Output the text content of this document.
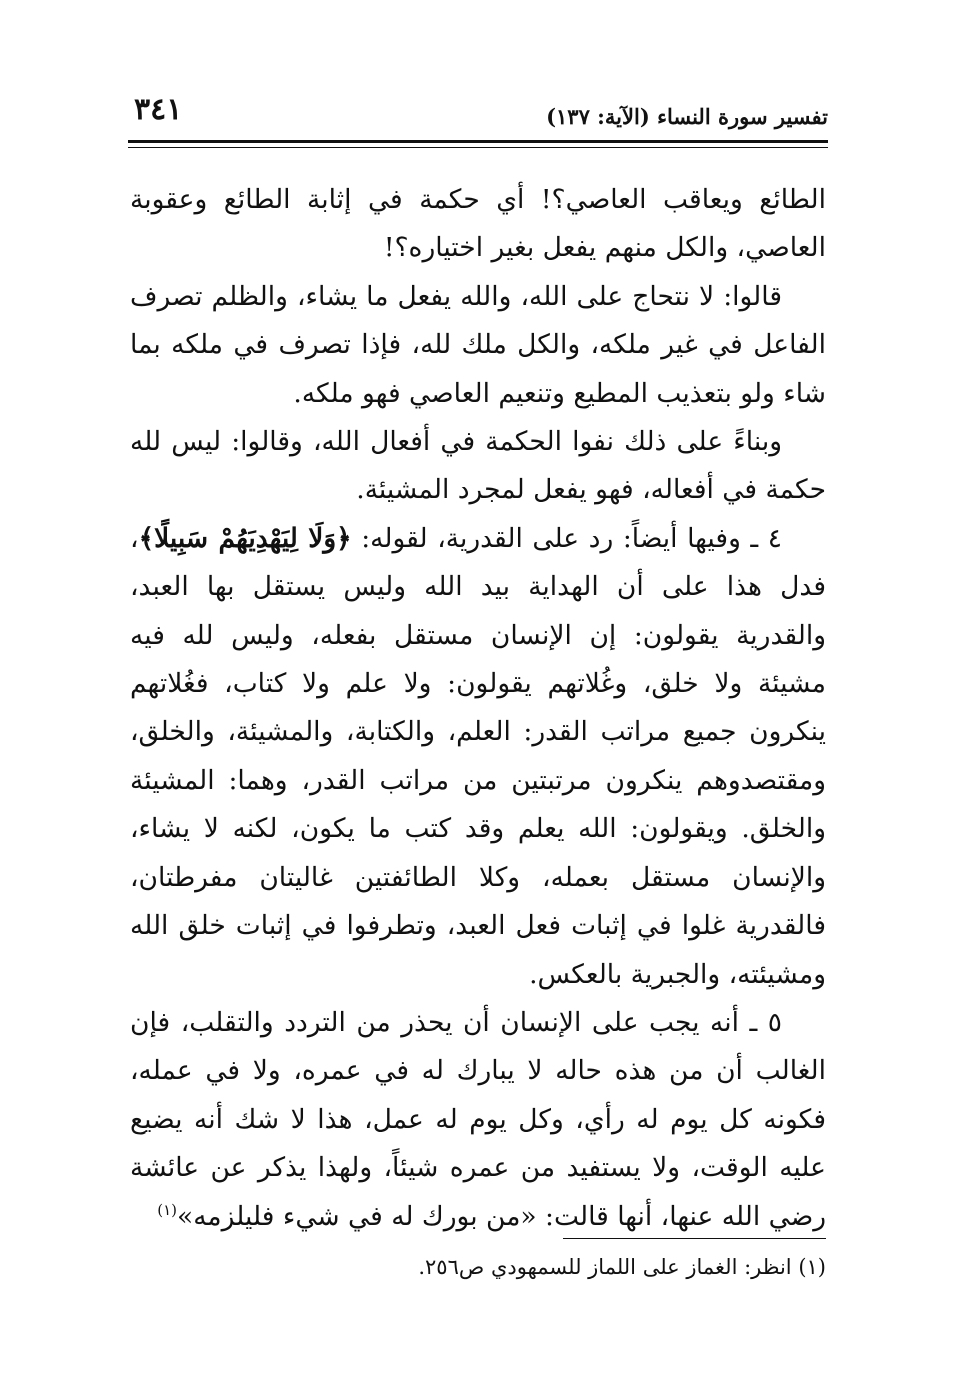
تفسير سورة النساء (الآية: ١٣٧)
٣٤١

الطائع ويعاقب العاصي؟! أي حكمة في إثابة الطائع وعقوبة العاصي، والكل منهم يفعل بغير اختياره؟!

قالوا: لا نتحاج على الله، والله يفعل ما يشاء، والظلم تصرف الفاعل في غير ملكه، والكل ملك لله، فإذا تصرف في ملكه بما شاء ولو بتعذيب المطيع وتنعيم العاصي فهو ملكه.

وبناءً على ذلك نفوا الحكمة في أفعال الله، وقالوا: ليس لله حكمة في أفعاله، فهو يفعل لمجرد المشيئة.

٤ ـ وفيها أيضاً: رد على القدرية، لقوله: ﴿وَلَا لِيَهْدِيَهُمْ سَبِيلًا﴾، فدل هذا على أن الهداية بيد الله وليس يستقل بها العبد، والقدرية يقولون: إن الإنسان مستقل بفعله، وليس لله فيه مشيئة ولا خلق، وغُلاتهم يقولون: ولا علم ولا كتاب، فغُلاتهم ينكرون جميع مراتب القدر: العلم، والكتابة، والمشيئة، والخلق، ومقتصدوهم ينكرون مرتبتين من مراتب القدر، وهما: المشيئة والخلق. ويقولون: الله يعلم وقد كتب ما يكون، لكنه لا يشاء، والإنسان مستقل بعمله، وكلا الطائفتين غاليتان مفرطتان، فالقدرية غلوا في إثبات فعل العبد، وتطرفوا في إثبات خلق الله ومشيئته، والجبرية بالعكس.

٥ ـ أنه يجب على الإنسان أن يحذر من التردد والتقلب، فإن الغالب أن من هذه حاله لا يبارك له في عمره، ولا في عمله، فكونه كل يوم له رأي، وكل يوم له عمل، هذا لا شك أنه يضيع عليه الوقت، ولا يستفيد من عمره شيئاً، ولهذا يذكر عن عائشة رضي الله عنها، أنها قالت: «من بورك له في شيء فليلزمه»$^{(١)}$

(١) انظر: الغماز على اللماز للسمهودي ص٢٥٦.
